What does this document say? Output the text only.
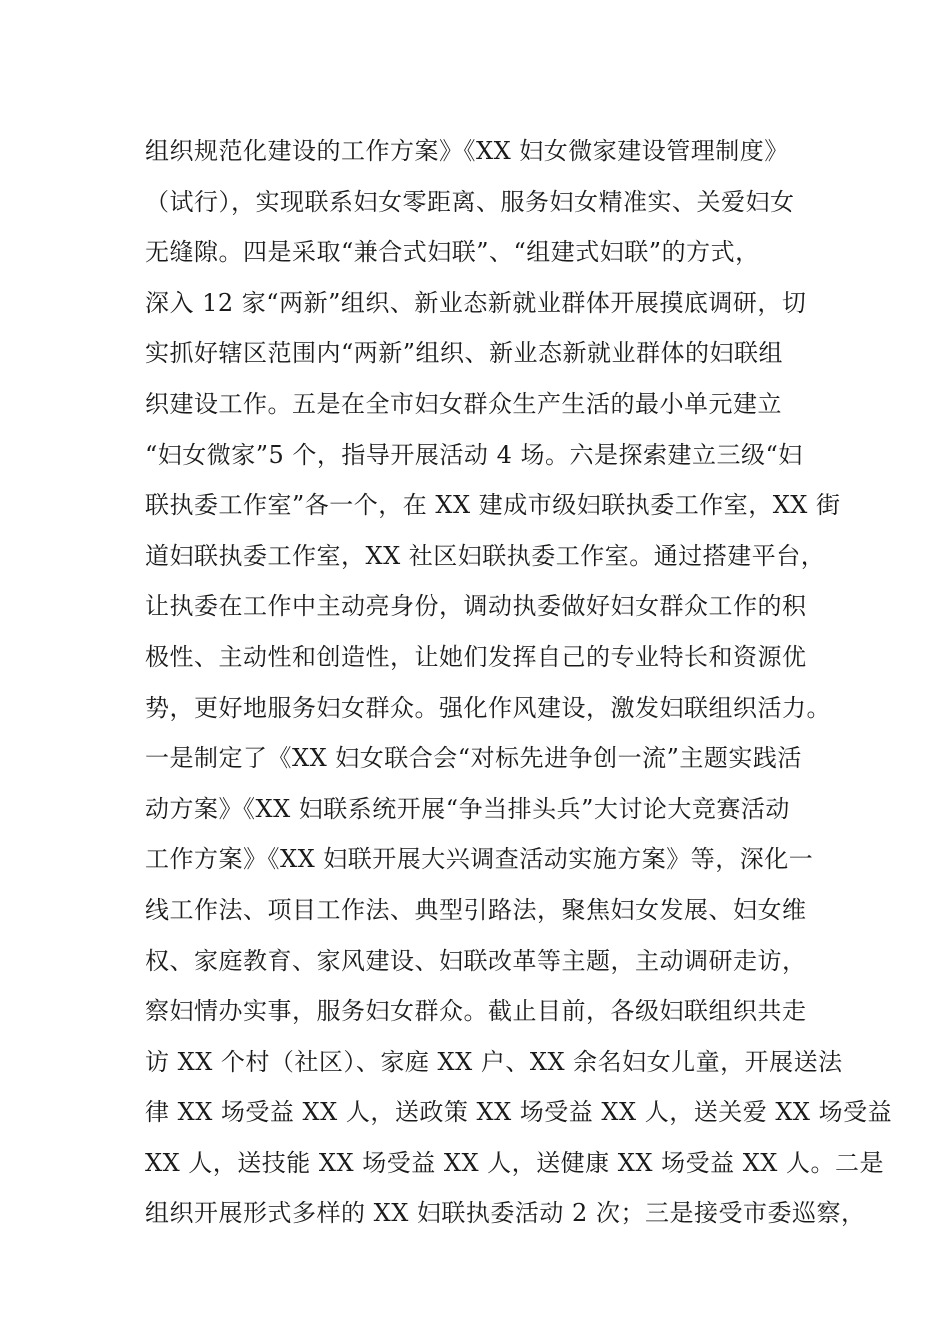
组织规范化建设的工作方案》《XX 妇女微家建设管理制度》
（试行），实现联系妇女零距离、服务妇女精准实、关爱妇女
无缝隙。四是采取“兼合式妇联”、“组建式妇联”的方式，
深入 12 家“两新”组织、新业态新就业群体开展摸底调研，切
实抓好辖区范围内“两新”组织、新业态新就业群体的妇联组
织建设工作。五是在全市妇女群众生产生活的最小单元建立
“妇女微家”5 个，指导开展活动 4 场。六是探索建立三级“妇
联执委工作室”各一个，在 XX 建成市级妇联执委工作室，XX 街
道妇联执委工作室，XX 社区妇联执委工作室。通过搭建平台，
让执委在工作中主动亮身份，调动执委做好妇女群众工作的积
极性、主动性和创造性，让她们发挥自己的专业特长和资源优
势，更好地服务妇女群众。强化作风建设，激发妇联组织活力。
一是制定了《XX 妇女联合会“对标先进争创一流”主题实践活
动方案》《XX 妇联系统开展“争当排头兵”大讨论大竞赛活动
工作方案》《XX 妇联开展大兴调查活动实施方案》等，深化一
线工作法、项目工作法、典型引路法，聚焦妇女发展、妇女维
权、家庭教育、家风建设、妇联改革等主题，主动调研走访，
察妇情办实事，服务妇女群众。截止目前，各级妇联组织共走
访 XX 个村（社区）、家庭 XX 户、XX 余名妇女儿童，开展送法
律 XX 场受益 XX 人，送政策 XX 场受益 XX 人，送关爱 XX 场受益
XX 人，送技能 XX 场受益 XX 人，送健康 XX 场受益 XX 人。二是
组织开展形式多样的 XX 妇联执委活动 2 次；三是接受市委巡察，
